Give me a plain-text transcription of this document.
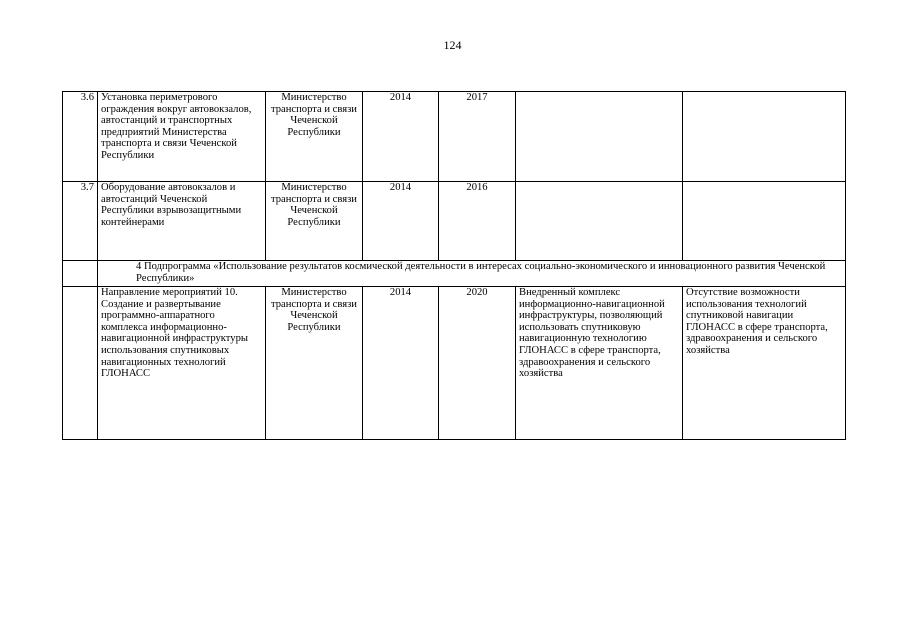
124
3.6	Установка периметрового ограждения вокруг автовокзалов, автостанций и транспортных предприятий Министерства транспорта и связи Чеченской Республики	Министерство транспорта и связи Чеченской Республики	2014	2017		
3.7	Оборудование автовокзалов и автостанций Чеченской Республики взрывозащитными контейнерами	Министерство транспорта и связи Чеченской Республики	2014	2016		
	4 Подпрограмма «Использование результатов космической деятельности в интересах социально-экономического и инновационного развития Чеченской Республики»					
	Направление мероприятий 10. Создание и развертывание программно-аппаратного комплекса информационно-навигационной инфраструктуры использования спутниковых навигационных технологий ГЛОНАСС	Министерство транспорта и связи Чеченской Республики	2014	2020	Внедренный комплекс информационно-навигационной инфраструктуры, позволяющий использовать спутниковую навигационную технологию ГЛОНАСС в сфере транспорта, здравоохранения и сельского хозяйства	Отсутствие возможности использования технологий спутниковой навигации ГЛОНАСС в сфере транспорта, здравоохранения и сельского хозяйства
